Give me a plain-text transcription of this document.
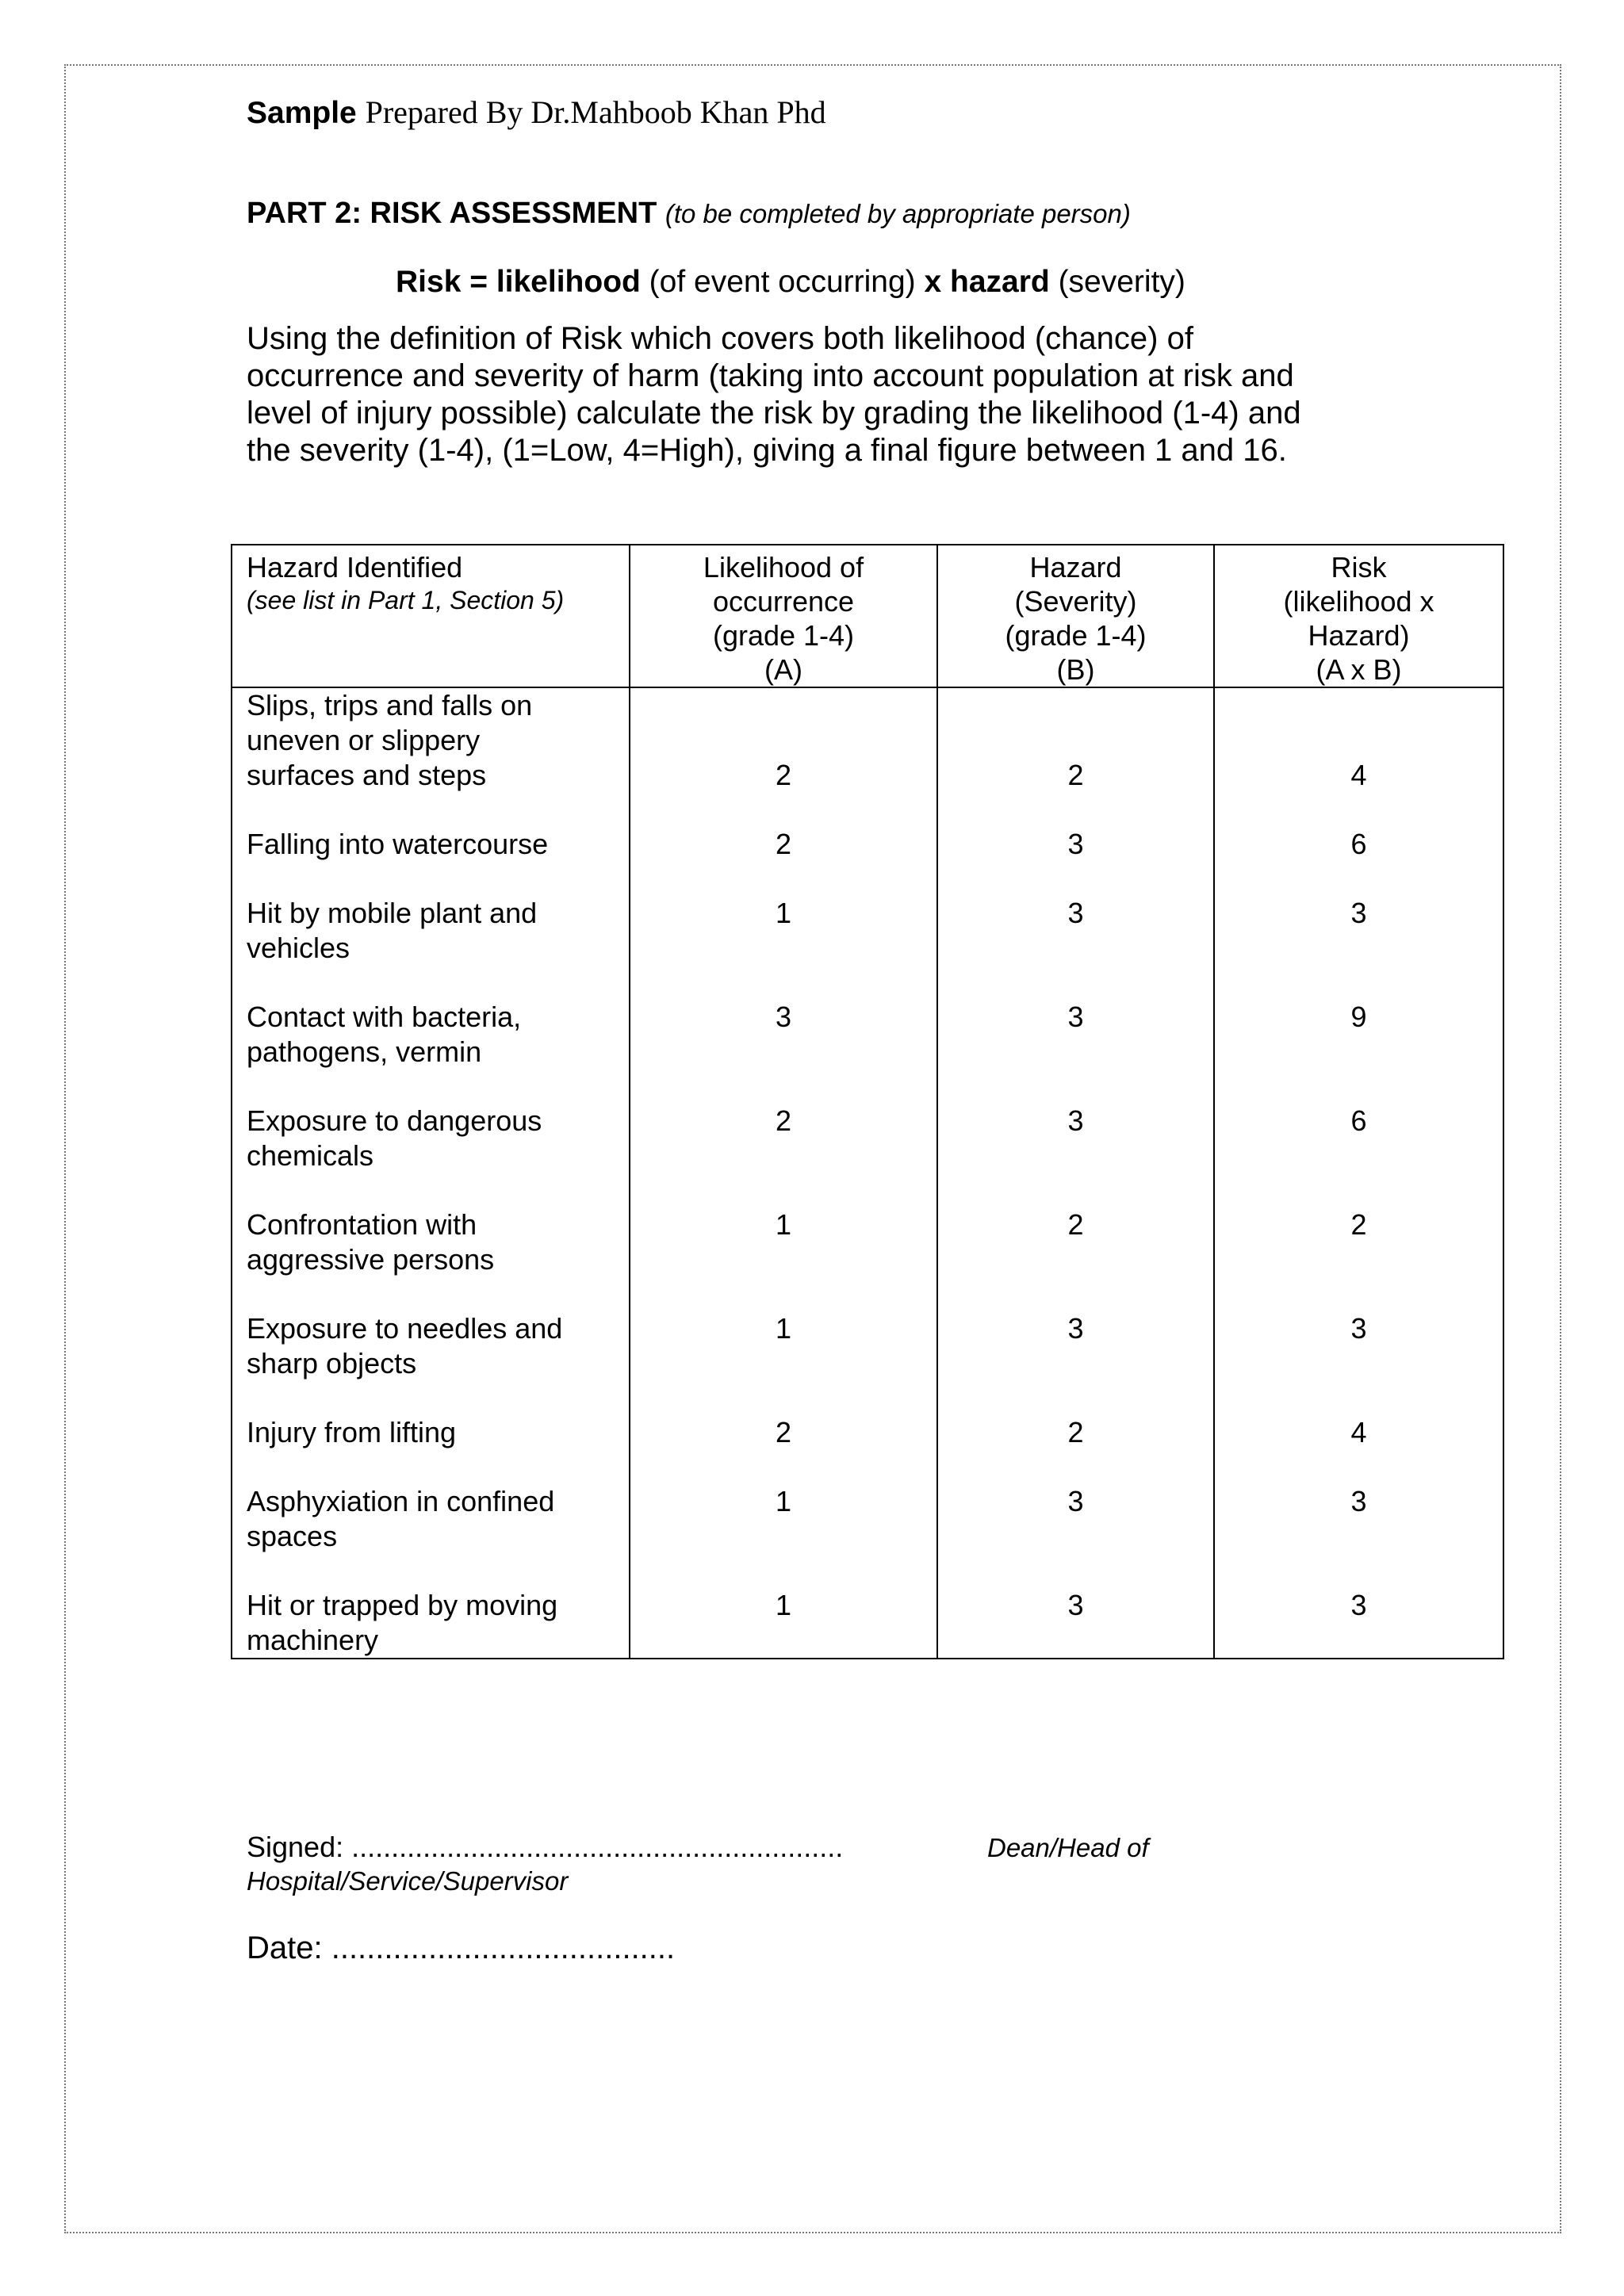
Sample Prepared By Dr.Mahboob Khan Phd
PART 2: RISK ASSESSMENT (to be completed by appropriate person)
Risk = likelihood (of event occurring) x hazard (severity)
Using the definition of Risk which covers both likelihood (chance) of
occurrence and severity of harm (taking into account population at risk and
level of injury possible) calculate the risk by grading the likelihood (1-4) and
the severity (1-4), (1=Low, 4=High), giving a final figure between 1 and 16.
Hazard Identified
(see list in Part 1, Section 5)	Likelihood of
occurrence
(grade 1-4)
(A)	Hazard
(Severity)
(grade 1-4)
(B)	Risk
(likelihood x
Hazard)
(A x B)

Slips, trips and falls on
uneven or slippery
surfaces and steps	2	2	4

Falling into watercourse	2	3	6

Hit by mobile plant and
vehicles	1	3	3

Contact with bacteria,
pathogens, vermin	3	3	9

Exposure to dangerous
chemicals	2	3	6

Confrontation with
aggressive persons	1	2	2

Exposure to needles and
sharp objects	1	3	3

Injury from lifting	2	2	4

Asphyxiation in confined
spaces	1	3	3

Hit or trapped by moving
machinery	1	3	3
Signed: ..............................................................	Dean/Head of
Hospital/Service/Supervisor
Date: .......................................
